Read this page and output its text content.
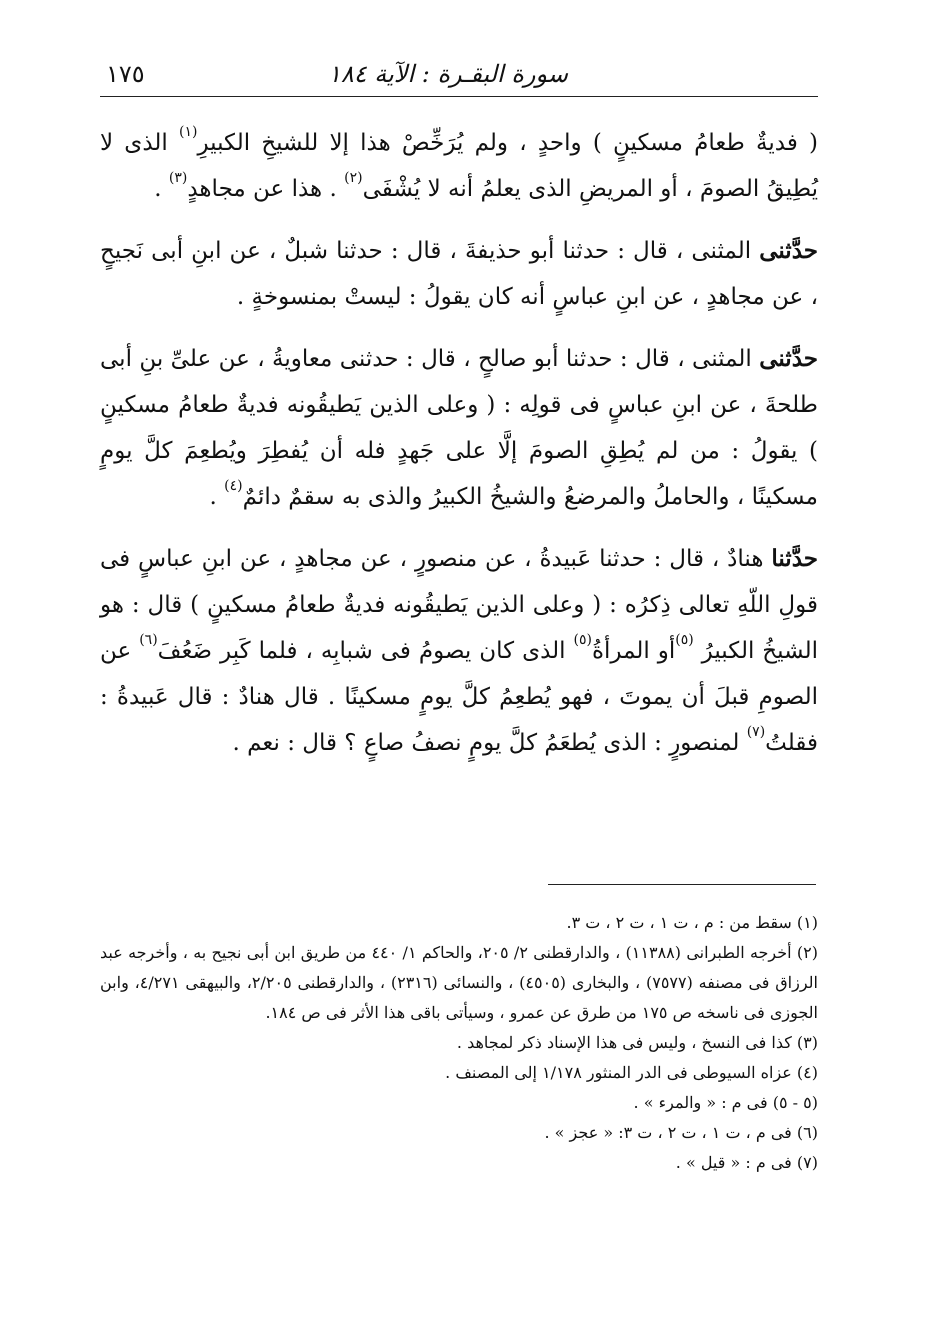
سورة البقـرة : الآية ١٨٤
١٧٥

( فديةٌ طعامُ مسكينٍ ) واحدٍ ، ولم يُرَخِّصْ هذا إلا للشيخِ الكبيرِ$^{(١)}$ الذى لا يُطِيقُ الصومَ ، أو المريضِ الذى يعلمُ أنه لا يُشْفَى$^{(٢)}$ . هذا عن مجاهدٍ$^{(٣)}$ .

حدَّثنى المثنى ، قال : حدثنا أبو حذيفةَ ، قال : حدثنا شبلٌ ، عن ابنِ أبى نَجيحٍ ، عن مجاهدٍ ، عن ابنِ عباسٍ أنه كان يقولُ : ليستْ بمنسوخةٍ .

حدَّثنى المثنى ، قال : حدثنا أبو صالحٍ ، قال : حدثنى معاويةُ ، عن علىِّ بنِ أبى طلحةَ ، عن ابنِ عباسٍ فى قولِه : ( وعلى الذين يَطيقُونه فديةٌ طعامُ مسكينٍ ) يقولُ : من لم يُطِقِ الصومَ إلَّا على جَهدٍ فله أن يُفطِرَ ويُطعِمَ كلَّ يومٍ مسكينًا ، والحاملُ والمرضعُ والشيخُ الكبيرُ والذى به سقمٌ دائمٌ$^{(٤)}$ .

حدَّثنا هنادٌ ، قال : حدثنا عَبيدةُ ، عن منصورٍ ، عن مجاهدٍ ، عن ابنِ عباسٍ فى قولِ اللّهِ تعالى ذِكرُه : ( وعلى الذين يَطيقُونه فديةٌ طعامُ مسكينٍ ) قال : هو الشيخُ الكبيرُ $^{(٥)}$أو المرأةُ$^{(٥)}$ الذى كان يصومُ فى شبابِه ، فلما كَبِر ضَعُفَ$^{(٦)}$ عن الصومِ قبلَ أن يموتَ ، فهو يُطعِمُ كلَّ يومٍ مسكينًا . قال هنادٌ : قال عَبيدةُ : فقلتُ$^{(٧)}$ لمنصورٍ : الذى يُطعَمُ كلَّ يومٍ نصفُ صاعٍ ؟ قال : نعم .

(١) سقط من : م ، ت ١ ، ت ٢ ، ت ٣.

(٢) أخرجه الطبرانى (١١٣٨٨) ، والدارقطنى ٢/ ٢٠٥، والحاكم ١/ ٤٤٠ من طريق ابن أبى نجيح به ، وأخرجه عبد الرزاق فى مصنفه (٧٥٧٧) ، والبخارى (٤٥٠٥) ، والنسائى (٢٣١٦) ، والدارقطنى ٢/٢٠٥، والبيهقى ٤/٢٧١، وابن الجوزى فى ناسخه ص ١٧٥ من طرق عن عمرو ، وسيأتى باقى هذا الأثر فى ص ١٨٤.

(٣) كذا فى النسخ ، وليس فى هذا الإسناد ذكر لمجاهد .

(٤) عزاه السيوطى فى الدر المنثور ١/١٧٨ إلى المصنف .

(٥ - ٥) فى م : « والمرء » .

(٦) فى م ، ت ١ ، ت ٢ ، ت ٣: « عجز » .

(٧) فى م : « قيل » .
